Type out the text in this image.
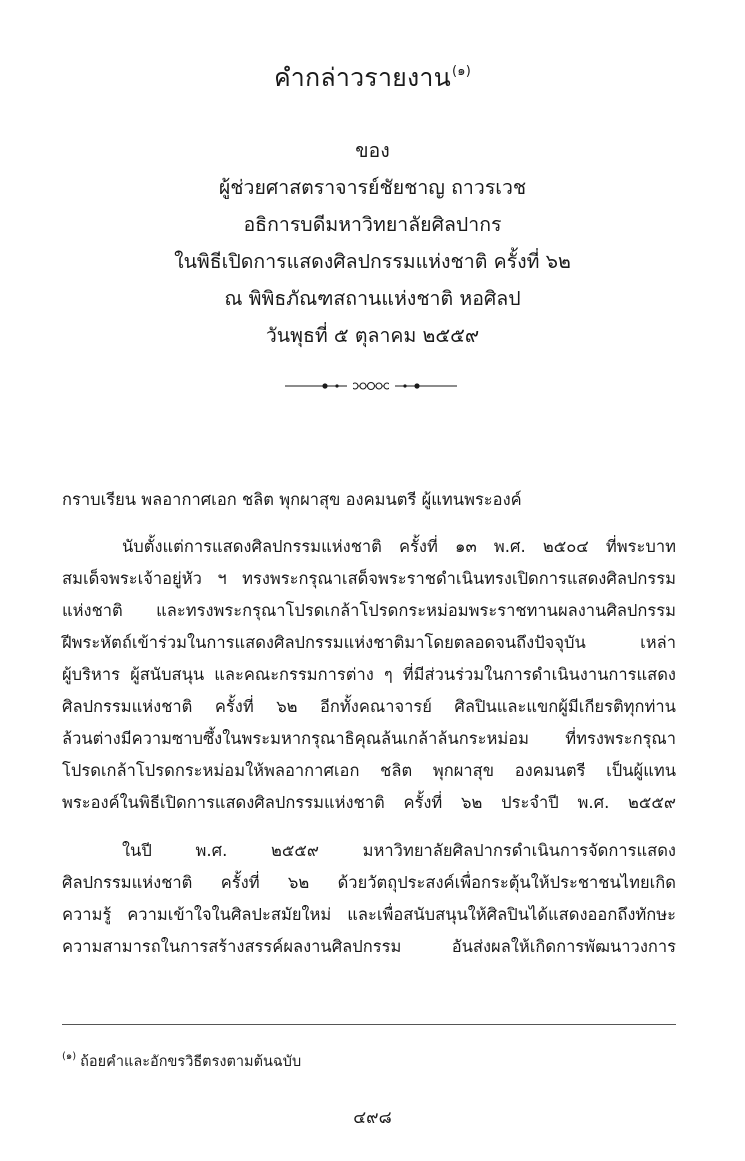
คำกล่าวรายงาน$^{(๑)}$
ของ
ผู้ช่วยศาสตราจารย์ชัยชาญ ถาวรเวช
อธิการบดีมหาวิทยาลัยศิลปากร
ในพิธีเปิดการแสดงศิลปกรรมแห่งชาติ ครั้งที่ ๖๒
ณ พิพิธภัณฑสถานแห่งชาติ หอศิลป
วันพุธที่ ๕ ตุลาคม ๒๕๕๙
กราบเรียน พลอากาศเอก ชลิต พุกผาสุข องคมนตรี ผู้แทนพระองค์
นับตั้งแต่การแสดงศิลปกรรมแห่งชาติ ครั้งที่ ๑๓ พ.ศ. ๒๕๐๔ ที่พระบาท
สมเด็จพระเจ้าอยู่หัว ฯ ทรงพระกรุณาเสด็จพระราชดำเนินทรงเปิดการแสดงศิลปกรรม
แห่งชาติ และทรงพระกรุณาโปรดเกล้าโปรดกระหม่อมพระราชทานผลงานศิลปกรรม
ฝีพระหัตถ์เข้าร่วมในการแสดงศิลปกรรมแห่งชาติมาโดยตลอดจนถึงปัจจุบัน	เหล่า
ผู้บริหาร ผู้สนับสนุน และคณะกรรมการต่าง ๆ ที่มีส่วนร่วมในการดำเนินงานการแสดง
ศิลปกรรมแห่งชาติ ครั้งที่ ๖๒ อีกทั้งคณาจารย์ ศิลปินและแขกผู้มีเกียรติทุกท่าน
ล้วนต่างมีความซาบซึ้งในพระมหากรุณาธิคุณล้นเกล้าล้นกระหม่อม ที่ทรงพระกรุณา
โปรดเกล้าโปรดกระหม่อมให้พลอากาศเอก ชลิต พุกผาสุข องคมนตรี เป็นผู้แทน
พระองค์ในพิธีเปิดการแสดงศิลปกรรมแห่งชาติ ครั้งที่ ๖๒ ประจำปี พ.ศ. ๒๕๕๙
ในปี	พ.ศ.	๒๕๕๙	มหาวิทยาลัยศิลปากรดำเนินการจัดการแสดง
ศิลปกรรมแห่งชาติ ครั้งที่ ๖๒ ด้วยวัตถุประสงค์เพื่อกระตุ้นให้ประชาชนไทยเกิด
ความรู้ ความเข้าใจในศิลปะสมัยใหม่ และเพื่อสนับสนุนให้ศิลปินได้แสดงออกถึงทักษะ
ความสามารถในการสร้างสรรค์ผลงานศิลปกรรม	อันส่งผลให้เกิดการพัฒนาวงการ
$^{(๑)}$ ถ้อยคำและอักขรวิธีตรงตามต้นฉบับ
๔๙๘
